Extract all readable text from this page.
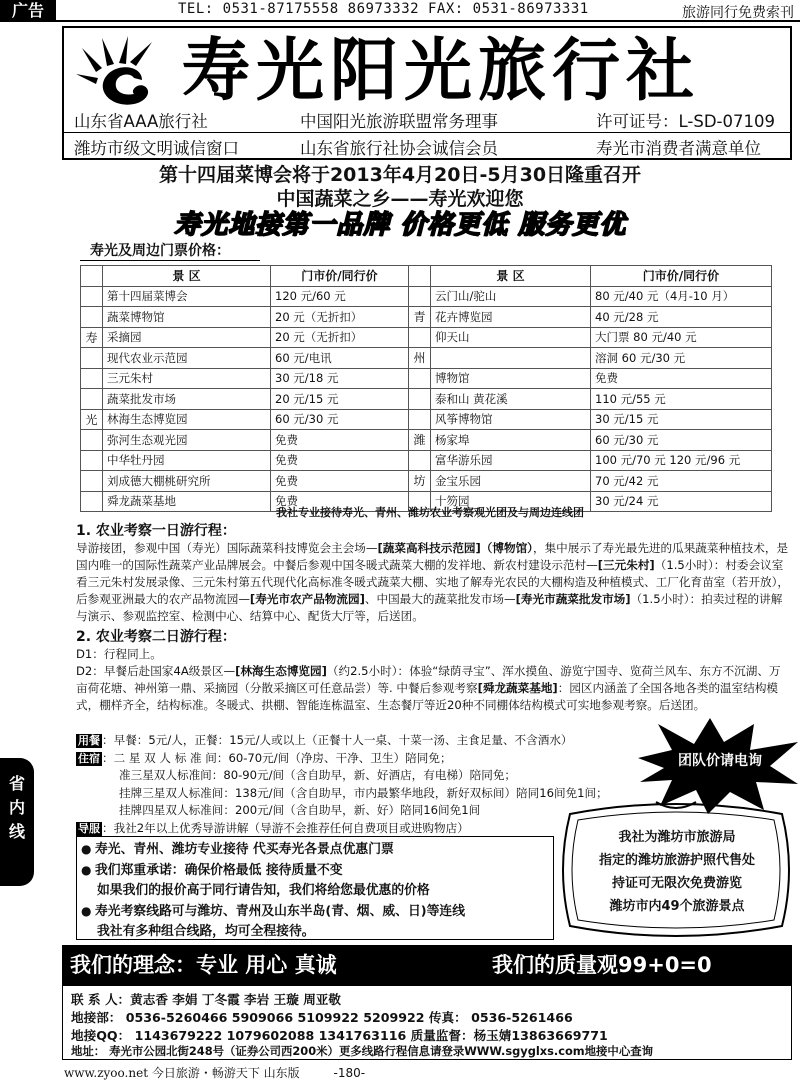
广告	TEL: 0531-87175558 86973332 FAX: 0531-86973331	旅游同行免费索刊
寿光阳光旅行社
山东省AAA旅行社	中国阳光旅游联盟常务理事	许可证号：L-SD-07109
潍坊市级文明诚信窗口	山东省旅行社协会诚信会员	寿光市消费者满意单位
第十四届菜博会将于2013年4月20日-5月30日隆重召开
中国蔬菜之乡——寿光欢迎您
寿光地接第一品牌 价格更低 服务更优
寿光及周边门票价格：
	景 区	门市价/同行价		景 区	门市价/同行价
	第十四届菜博会	120 元/60 元		云门山/驼山	80 元/40 元（4月-10 月）
	蔬菜博物馆	20 元（无折扣）	青	花卉博览园	40 元/28 元
寿	采摘园	20 元（无折扣）		仰天山	大门票 80 元/40 元
	现代农业示范园	60 元/电讯	州		溶洞 60 元/30 元
	三元朱村	30 元/18 元		博物馆	免费
	蔬菜批发市场	20 元/15 元		泰和山 黄花溪	110 元/55 元
光	林海生态博览园	60 元/30 元		风筝博物馆	30 元/15 元
	弥河生态观光园	免费	潍	杨家埠	60 元/30 元
	中华牡丹园	免费		富华游乐园	100 元/70 元 120 元/96 元
	刘成德大棚桃研究所	免费	坊	金宝乐园	70 元/42 元
	舜龙蔬菜基地	免费		十笏园	30 元/24 元
我社专业接待寿光、青州、潍坊农业考察观光团及与周边连线团
1. 农业考察一日游行程：

导游接团，参观中国（寿光）国际蔬菜科技博览会主会场—[蔬菜高科技示范园]（博物馆），集中展示了寿光最先进的瓜果蔬菜种植技术，是国内唯一的国际性蔬菜产业品牌展会。中餐后参观中国冬暖式蔬菜大棚的发祥地、新农村建设示范村—[三元朱村]（1.5小时）：村委会议室看三元朱村发展录像、三元朱村第五代现代化高标准冬暖式蔬菜大棚、实地了解寿光农民的大棚构造及种植模式、工厂化育苗室（若开放），后参观亚洲最大的农产品物流园—[寿光市农产品物流园]、中国最大的蔬菜批发市场—[寿光市蔬菜批发市场]（1.5小时）：拍卖过程的讲解与演示、参观监控室、检测中心、结算中心、配货大厅等，后送团。

2. 农业考察二日游行程：

D1：行程同上。

D2：早餐后赴国家4A级景区—[林海生态博览园]（约2.5小时）：体验“绿荫寻宝”、浑水摸鱼、游览宁国寺、览荷兰风车、东方不沉湖、万亩荷花塘、神州第一鼎、采摘园（分散采摘区可任意品尝）等. 中餐后参观考察[舜龙蔬菜基地]：园区内涵盖了全国各地各类的温室结构模式，棚样齐全，结构标准。冬暖式、拱棚、智能连栋温室、生态餐厅等近20种不同棚体结构模式可实地参观考察。后送团。

用餐 ：早餐：5元/人，正餐：15元/人或以上（正餐十人一桌、十菜一汤、主食足量、不含酒水）
住宿 ：二 星 双 人 标 准 间：60-70元/间（净房、干净、卫生）陪同免；
准三星双人标准间：80-90元/间（含自助早，新、好酒店，有电梯）陪同免；
挂牌三星双人标准间：138元/间（含自助早，市内最繁华地段，新好双标间）陪同16间免1间；
挂牌四星双人标准间：200元/间（含自助早，新、好）陪同16间免1间
导服 ：我社2年以上优秀导游讲解（导游不会推荐任何自费项目或进购物店）
团队价请电询
省
内
线
● 寿光、青州、潍坊专业接待 代买寿光各景点优惠门票
● 我们郑重承诺：确保价格最低 接待质量不变
如果我们的报价高于同行请告知，我们将给您最优惠的价格
● 寿光考察线路可与潍坊、青州及山东半岛(青、烟、威、日)等连线
我社有多种组合线路，均可全程接待。
我社为潍坊市旅游局
指定的潍坊旅游护照代售处
持证可无限次免费游览
潍坊市内49个旅游景点
我们的理念：专业 用心 真诚	我们的质量观99+0=0
联 系 人：黄志香 李娟 丁冬霞 李岩 王璇 周亚敬
地接部： 0536-5260466 5909066 5109922 5209922 传真： 0536-5261466
地接QQ： 1143679222 1079602088 1341763116 质量监督：杨玉婧13863669771
地址： 寿光市公园北街248号（证券公司西200米）更多线路行程信息请登录WWW.sgyglxs.com地接中心查询
www.zyoo.net 今日旅游・畅游天下 山东版	-180-
